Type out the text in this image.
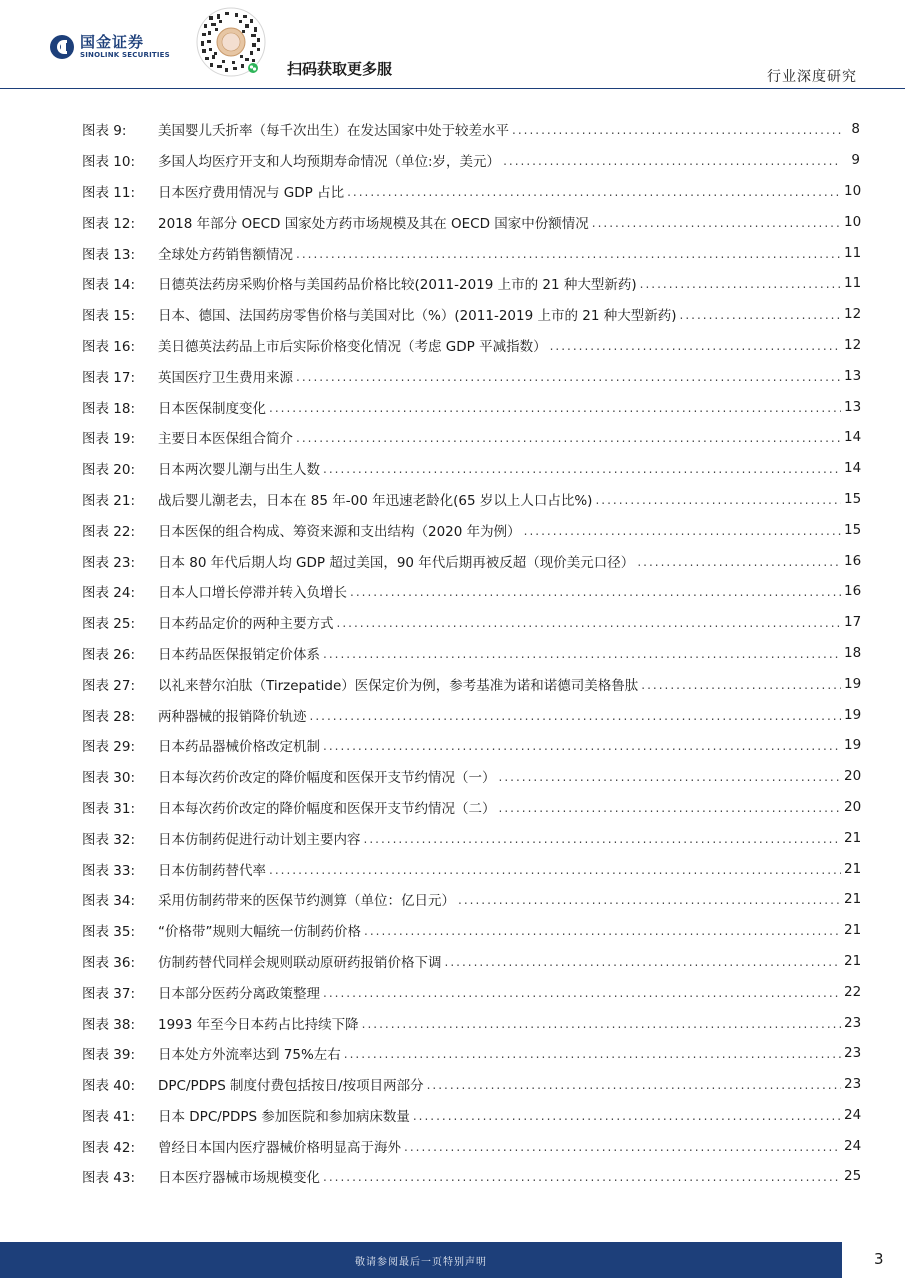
国金证券
SINOLINK SECURITIES
扫码获取更多服	行业深度研究
图表 9:	美国婴儿夭折率（每千次出生）在发达国家中处于较差水平 .....	8
图表 10:	多国人均医疗开支和人均预期寿命情况（单位:岁，美元） .....	9
图表 11:	日本医疗费用情况与 GDP 占比 .....	10
图表 12:	2018 年部分 OECD 国家处方药市场规模及其在 OECD 国家中份额情况 .....	10
图表 13:	全球处方药销售额情况 .....	11
图表 14:	日德英法药房采购价格与美国药品价格比较(2011-2019 上市的 21 种大型新药) .....	11
图表 15:	日本、德国、法国药房零售价格与美国对比（%）(2011-2019 上市的 21 种大型新药) .....	12
图表 16:	美日德英法药品上市后实际价格变化情况（考虑 GDP 平减指数） .....	12
图表 17:	英国医疗卫生费用来源 .....	13
图表 18:	日本医保制度变化 .....	13
图表 19:	主要日本医保组合简介 .....	14
图表 20:	日本两次婴儿潮与出生人数 .....	14
图表 21:	战后婴儿潮老去，日本在 85 年-00 年迅速老龄化(65 岁以上人口占比%) .....	15
图表 22:	日本医保的组合构成、筹资来源和支出结构（2020 年为例） .....	15
图表 23:	日本 80 年代后期人均 GDP 超过美国，90 年代后期再被反超（现价美元口径） .....	16
图表 24:	日本人口增长停滞并转入负增长 .....	16
图表 25:	日本药品定价的两种主要方式 .....	17
图表 26:	日本药品医保报销定价体系 .....	18
图表 27:	以礼来替尔泊肽（Tirzepatide）医保定价为例，参考基准为诺和诺德司美格鲁肽 .....	19
图表 28:	两种器械的报销降价轨迹 .....	19
图表 29:	日本药品器械价格改定机制 .....	19
图表 30:	日本每次药价改定的降价幅度和医保开支节约情况（一） .....	20
图表 31:	日本每次药价改定的降价幅度和医保开支节约情况（二） .....	20
图表 32:	日本仿制药促进行动计划主要内容 .....	21
图表 33:	日本仿制药替代率 .....	21
图表 34:	采用仿制药带来的医保节约测算（单位：亿日元） .....	21
图表 35:	“价格带”规则大幅统一仿制药价格 .....	21
图表 36:	仿制药替代同样会规则联动原研药报销价格下调 .....	21
图表 37:	日本部分医药分离政策整理 .....	22
图表 38:	1993 年至今日本药占比持续下降 .....	23
图表 39:	日本处方外流率达到 75%左右 .....	23
图表 40:	DPC/PDPS 制度付费包括按日/按项目两部分 .....	23
图表 41:	日本 DPC/PDPS 参加医院和参加病床数量 .....	24
图表 42:	曾经日本国内医疗器械价格明显高于海外 .....	24
图表 43:	日本医疗器械市场规模变化 .....	25
敬请参阅最后一页特别声明	3
